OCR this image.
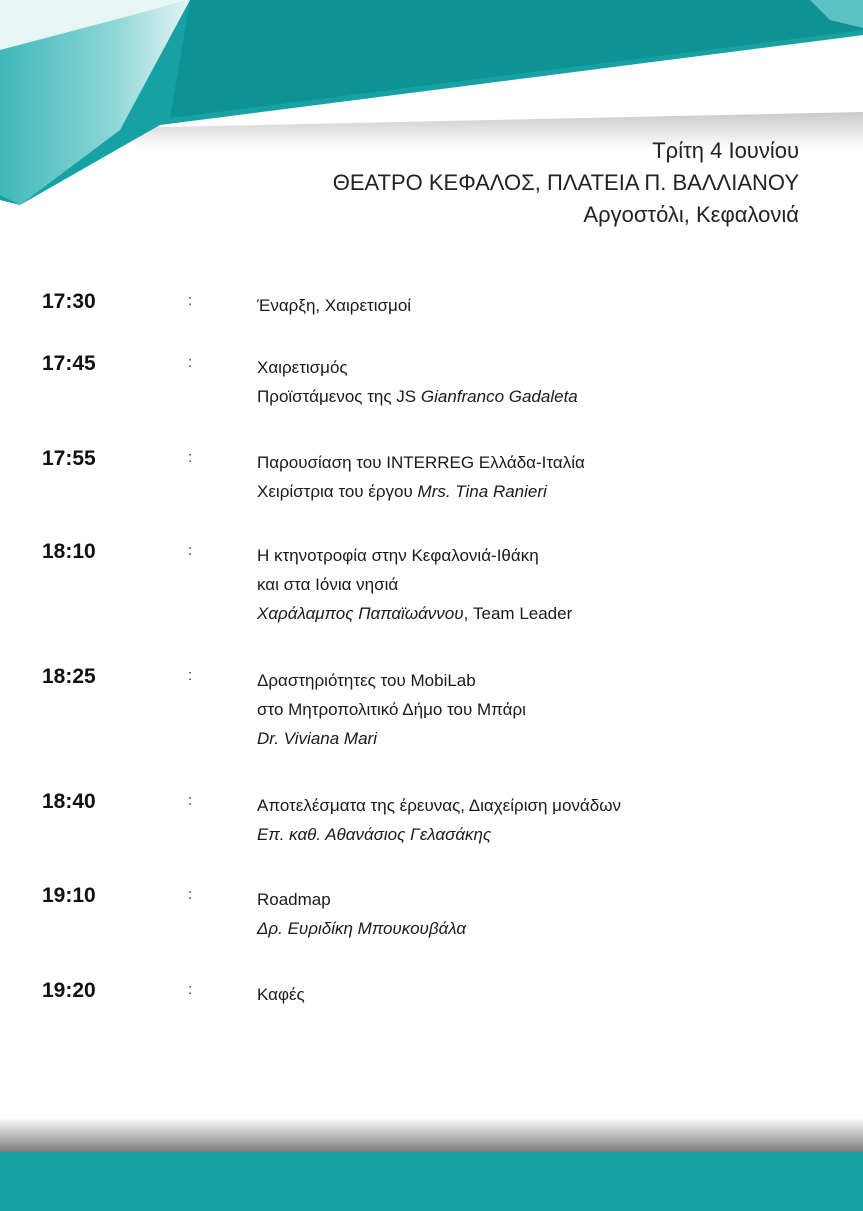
Τρίτη 4 Ιουνίου
ΘΕΑΤΡΟ ΚΕΦΑΛΟΣ, ΠΛΑΤΕΙΑ Π. ΒΑΛΛΙΑΝΟΥ
Αργοστόλι, Κεφαλονιά
17:30	:	Έναρξη, Χαιρετισμοί
17:45	:	Χαιρετισμός
Προϊστάμενος της JS Gianfranco Gadaleta
17:55	:	Παρουσίαση του INTERREG Ελλάδα-Ιταλία
Χειρίστρια του έργου Mrs. Tina Ranieri
18:10	:	Η κτηνοτροφία στην Κεφαλονιά-Ιθάκη
και στα Ιόνια νησιά
Χαράλαμπος Παπαϊωάννου, Team Leader
18:25	:	Δραστηριότητες του MobiLab
στο Μητροπολιτικό Δήμο του Μπάρι
Dr. Viviana Mari
18:40	:	Αποτελέσματα της έρευνας, Διαχείριση μονάδων
Επ. καθ. Αθανάσιος Γελασάκης
19:10	:	Roadmap
Δρ. Ευριδίκη Μπουκουβάλα
19:20	:	Καφές
